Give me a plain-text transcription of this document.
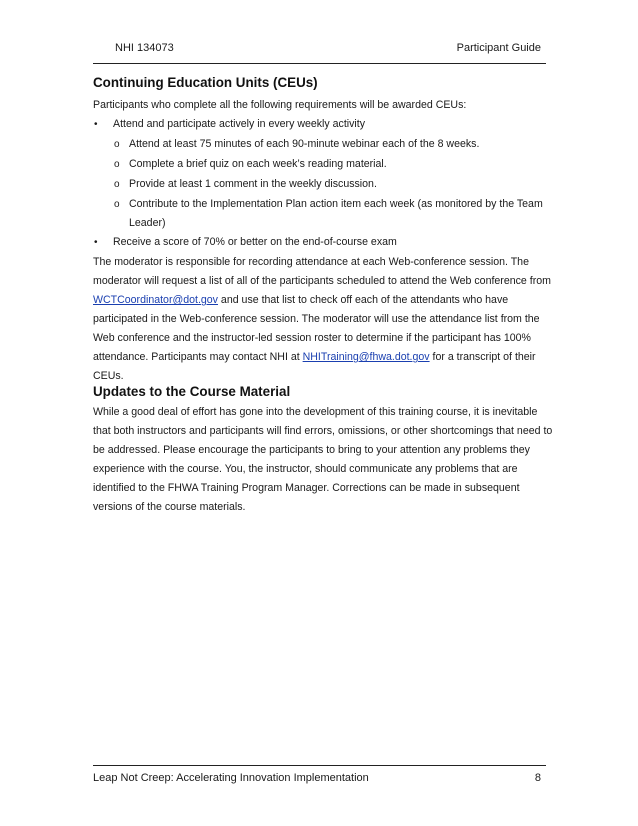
NHI 134073	Participant Guide
Continuing Education Units (CEUs)

Participants who complete all the following requirements will be awarded CEUs:

• Attend and participate actively in every weekly activity
o Attend at least 75 minutes of each 90-minute webinar each of the 8 weeks.
o Complete a brief quiz on each week’s reading material.
o Provide at least 1 comment in the weekly discussion.
o Contribute to the Implementation Plan action item each week (as monitored by the Team Leader)
• Receive a score of 70% or better on the end-of-course exam

The moderator is responsible for recording attendance at each Web-conference session. The moderator will request a list of all of the participants scheduled to attend the Web conference from WCTCoordinator@dot.gov and use that list to check off each of the attendants who have participated in the Web-conference session. The moderator will use the attendance list from the Web conference and the instructor-led session roster to determine if the participant has 100% attendance. Participants may contact NHI at NHITraining@fhwa.dot.gov for a transcript of their CEUs.

Updates to the Course Material

While a good deal of effort has gone into the development of this training course, it is inevitable that both instructors and participants will find errors, omissions, or other shortcomings that need to be addressed. Please encourage the participants to bring to your attention any problems they experience with the course. You, the instructor, should communicate any problems that are identified to the FHWA Training Program Manager. Corrections can be made in subsequent versions of the course materials.

Leap Not Creep: Accelerating Innovation Implementation	8
